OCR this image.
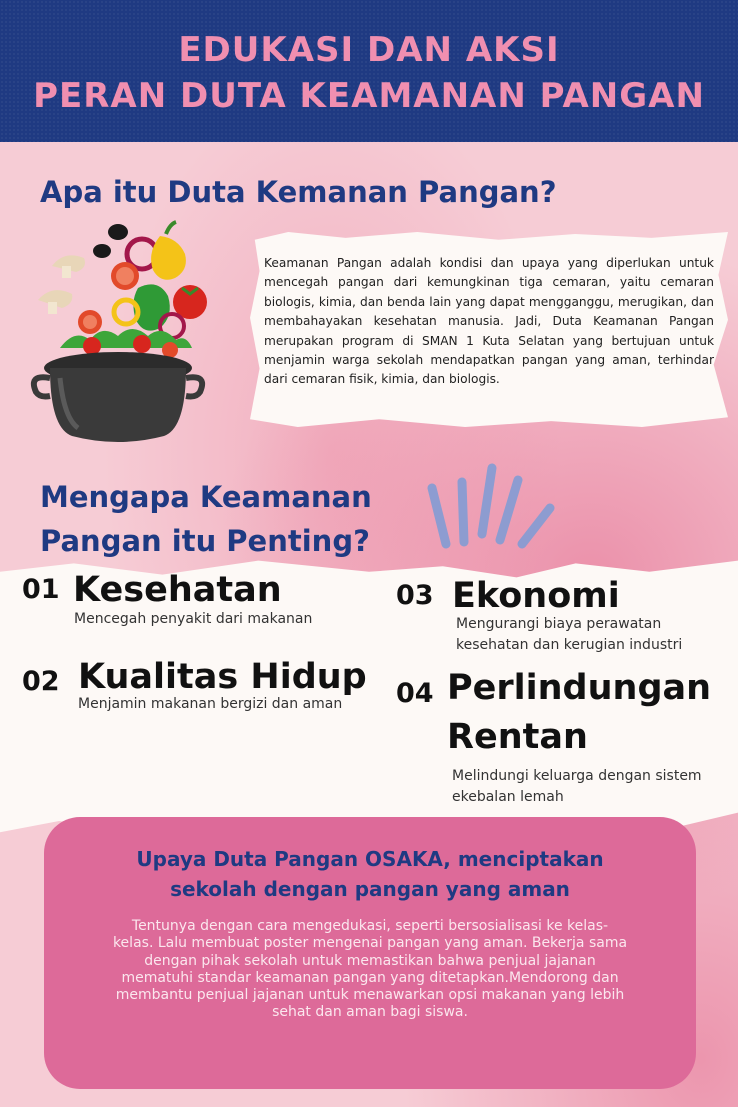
EDUKASI DAN AKSI
PERAN DUTA KEAMANAN PANGAN
Apa itu Duta Kemanan Pangan?
Keamanan Pangan adalah kondisi dan upaya yang diperlukan untuk mencegah pangan dari kemungkinan tiga cemaran, yaitu cemaran biologis, kimia, dan benda lain yang dapat mengganggu, merugikan, dan membahayakan kesehatan manusia. Jadi, Duta Keamanan Pangan merupakan program di SMAN 1 Kuta Selatan yang bertujuan untuk menjamin warga sekolah mendapatkan pangan yang aman, terhindar dari cemaran fisik, kimia, dan biologis.
Mengapa Keamanan
Pangan itu Penting?
01 Kesehatan
Mencegah penyakit dari makanan
02 Kualitas Hidup
Menjamin makanan bergizi dan aman
03 Ekonomi
Mengurangi biaya perawatan
kesehatan dan kerugian industri
04 Perlindungan
Rentan
Melindungi keluarga dengan sistem
ekebalan lemah
Upaya Duta Pangan OSAKA, menciptakan
sekolah dengan pangan yang aman
Tentunya dengan cara mengedukasi, seperti bersosialisasi ke kelas-kelas. Lalu membuat poster mengenai pangan yang aman. Bekerja sama dengan pihak sekolah untuk memastikan bahwa penjual jajanan mematuhi standar keamanan pangan yang ditetapkan.Mendorong dan membantu penjual jajanan untuk menawarkan opsi makanan yang lebih sehat dan aman bagi siswa.
